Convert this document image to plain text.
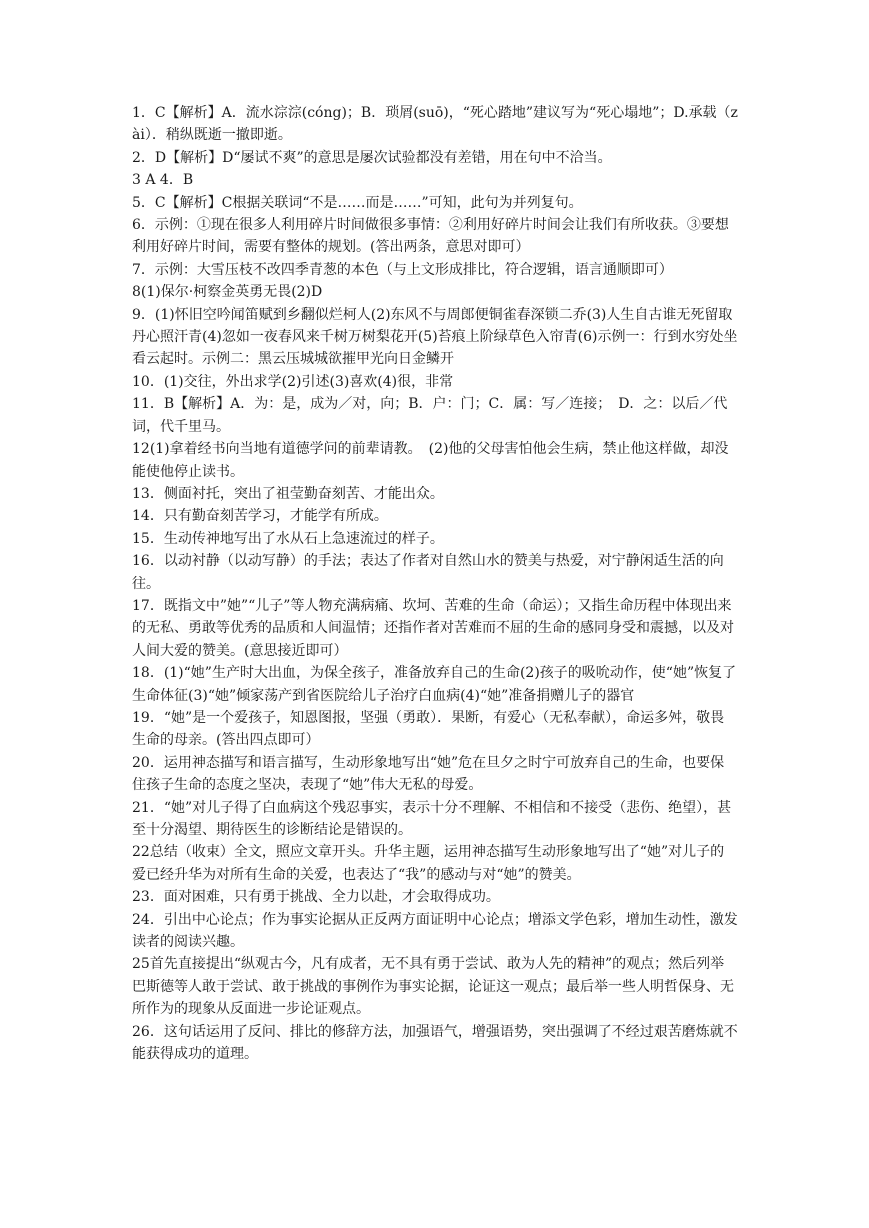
1．C【解析】A．流水淙淙(cóng)；B．琐屑(suō)，“死心踏地”建议写为“死心塌地”；D.承载（zài）．稍纵既逝一撤即逝。

2．D【解析】D“屡试不爽”的意思是屡次试验都没有差错，用在句中不洽当。

3 A 4．B

5．C【解析】C根据关联词“不是……而是……”可知，此句为并列复句。

6．示例：①现在很多人利用碎片时间做很多事情：②利用好碎片时间会让我们有所收获。③要想利用好碎片时间，需要有整体的规划。(答出两条，意思对即可）

7．示例：大雪压枝不改四季青葱的本色（与上文形成排比，符合逻辑，语言通顺即可）

8(1)保尔·柯察金英勇无畏(2)D

9．(1)怀旧空吟闻笛赋到乡翻似烂柯人(2)东风不与周郎便铜雀春深锁二乔(3)人生自古谁无死留取丹心照汗青(4)忽如一夜春风来千树万树梨花开(5)苔痕上阶绿草色入帘青(6)示例一：行到水穷处坐看云起时。示例二：黑云压城城欲摧甲光向日金鳞开

10．(1)交往，外出求学(2)引述(3)喜欢(4)很，非常

11．B【解析】A．为：是，成为／对，向；B．户：门；C．属：写／连接；　D．之：以后／代词，代千里马。

12(1)拿着经书向当地有道德学问的前辈请教。　(2)他的父母害怕他会生病，禁止他这样做，却没能使他停止读书。

13．侧面衬托，突出了祖莹勤奋刻苦、才能出众。

14．只有勤奋刻苦学习，才能学有所成。

15．生动传神地写出了水从石上急速流过的样子。

16．以动衬静（以动写静）的手法；表达了作者对自然山水的赞美与热爱，对宁静闲适生活的向往。

17．既指文中”她”“儿子”等人物充满病痛、坎坷、苦难的生命（命运）；又指生命历程中体现出来的无私、勇敢等优秀的品质和人间温情；还指作者对苦难而不屈的生命的感同身受和震撼，以及对人间大爱的赞美。(意思接近即可）

18．(1)“她”生产时大出血，为保全孩子，准备放弃自己的生命(2)孩子的吸吮动作，使“她”恢复了生命体征(3)“她”倾家荡产到省医院给儿子治疗白血病(4)“她”准备捐赠儿子的器官

19．“她”是一个爱孩子，知恩图报，坚强（勇敢）．果断，有爱心（无私奉献），命运多舛，敬畏生命的母亲。(答出四点即可）

20．运用神态描写和语言描写，生动形象地写出“她”危在旦夕之时宁可放弃自己的生命，也要保住孩子生命的态度之坚决，表现了“她”伟大无私的母爱。

21．“她”对儿子得了白血病这个残忍事实，表示十分不理解、不相信和不接受（悲伤、绝望），甚至十分渴望、期待医生的诊断结论是错误的。

22总结（收束）全文，照应文章开头。升华主题，运用神态描写生动形象地写出了“她”对儿子的爱已经升华为对所有生命的关爱，也表达了“我”的感动与对“她”的赞美。

23．面对困难，只有勇于挑战、全力以赴，才会取得成功。

24．引出中心论点；作为事实论据从正反两方面证明中心论点；增添文学色彩，增加生动性，激发读者的阅读兴趣。

25首先直接提出“纵观古今，凡有成者，无不具有勇于尝试、敢为人先的精神”的观点；然后列举巴斯德等人敢于尝试、敢于挑战的事例作为事实论据，论证这一观点；最后举一些人明哲保身、无所作为的现象从反面进一步论证观点。

26．这句话运用了反问、排比的修辞方法，加强语气，增强语势，突出强调了不经过艰苦磨炼就不能获得成功的道理。
